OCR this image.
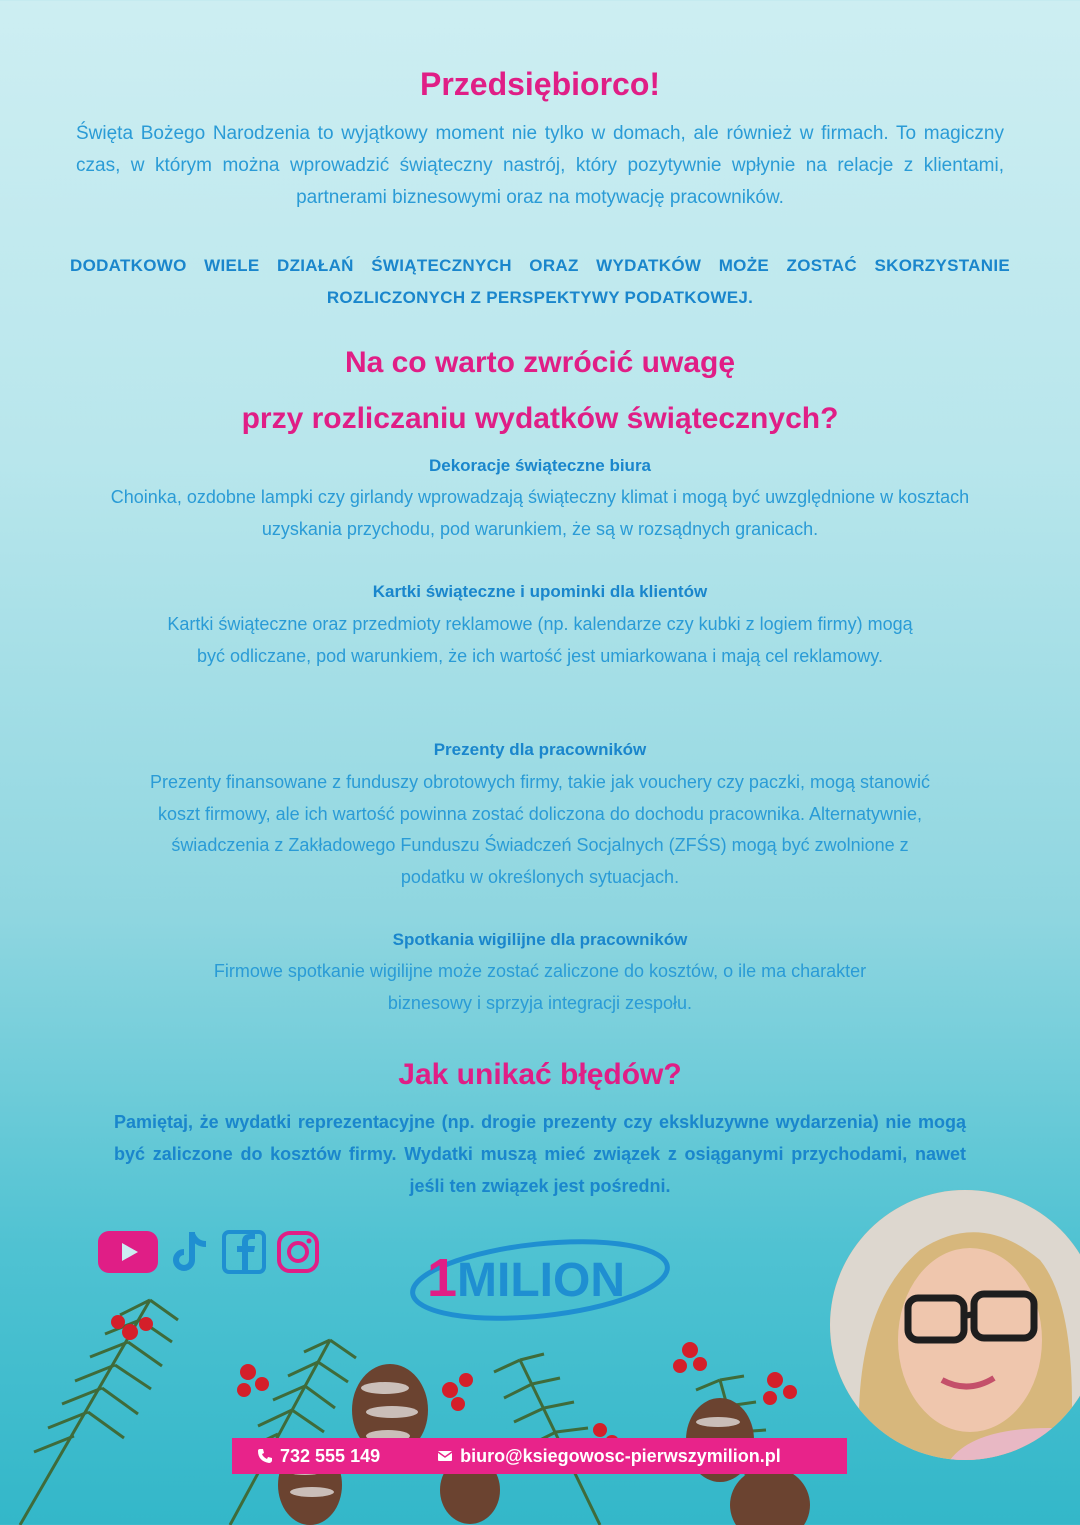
Przedsiębiorco!
Święta Bożego Narodzenia to wyjątkowy moment nie tylko w domach, ale również w firmach. To magiczny czas, w którym można wprowadzić świąteczny nastrój, który pozytywnie wpłynie na relacje z klientami, partnerami biznesowymi oraz na motywację pracowników.
DODATKOWO WIELE DZIAŁAŃ ŚWIĄTECZNYCH ORAZ WYDATKÓW MOŻE ZOSTAĆ SKORZYSTANIE ROZLICZONYCH Z PERSPEKTYWY PODATKOWEJ.
Na co warto zwrócić uwagę
przy rozliczaniu wydatków świątecznych?
Dekoracje świąteczne biura
Choinka, ozdobne lampki czy girlandy wprowadzają świąteczny klimat i mogą być uwzględnione w kosztach uzyskania przychodu, pod warunkiem, że są w rozsądnych granicach.
Kartki świąteczne i upominki dla klientów
Kartki świąteczne oraz przedmioty reklamowe (np. kalendarze czy kubki z logiem firmy) mogą być odliczane, pod warunkiem, że ich wartość jest umiarkowana i mają cel reklamowy.
Prezenty dla pracowników
Prezenty finansowane z funduszy obrotowych firmy, takie jak vouchery czy paczki, mogą stanowić koszt firmowy, ale ich wartość powinna zostać doliczona do dochodu pracownika. Alternatywnie, świadczenia z Zakładowego Funduszu Świadczeń Socjalnych (ZFŚS) mogą być zwolnione z podatku w określonych sytuacjach.
Spotkania wigilijne dla pracowników
Firmowe spotkanie wigilijne może zostać zaliczone do kosztów, o ile ma charakter biznesowy i sprzyja integracji zespołu.
Jak unikać błędów?
Pamiętaj, że wydatki reprezentacyjne (np. drogie prezenty czy ekskluzywne wydarzenia) nie mogą być zaliczone do kosztów firmy. Wydatki muszą mieć związek z osiąganymi przychodami, nawet jeśli ten związek jest pośredni.
1 MILION
732 555 149	biuro@ksiegowosc-pierwszymilion.pl
